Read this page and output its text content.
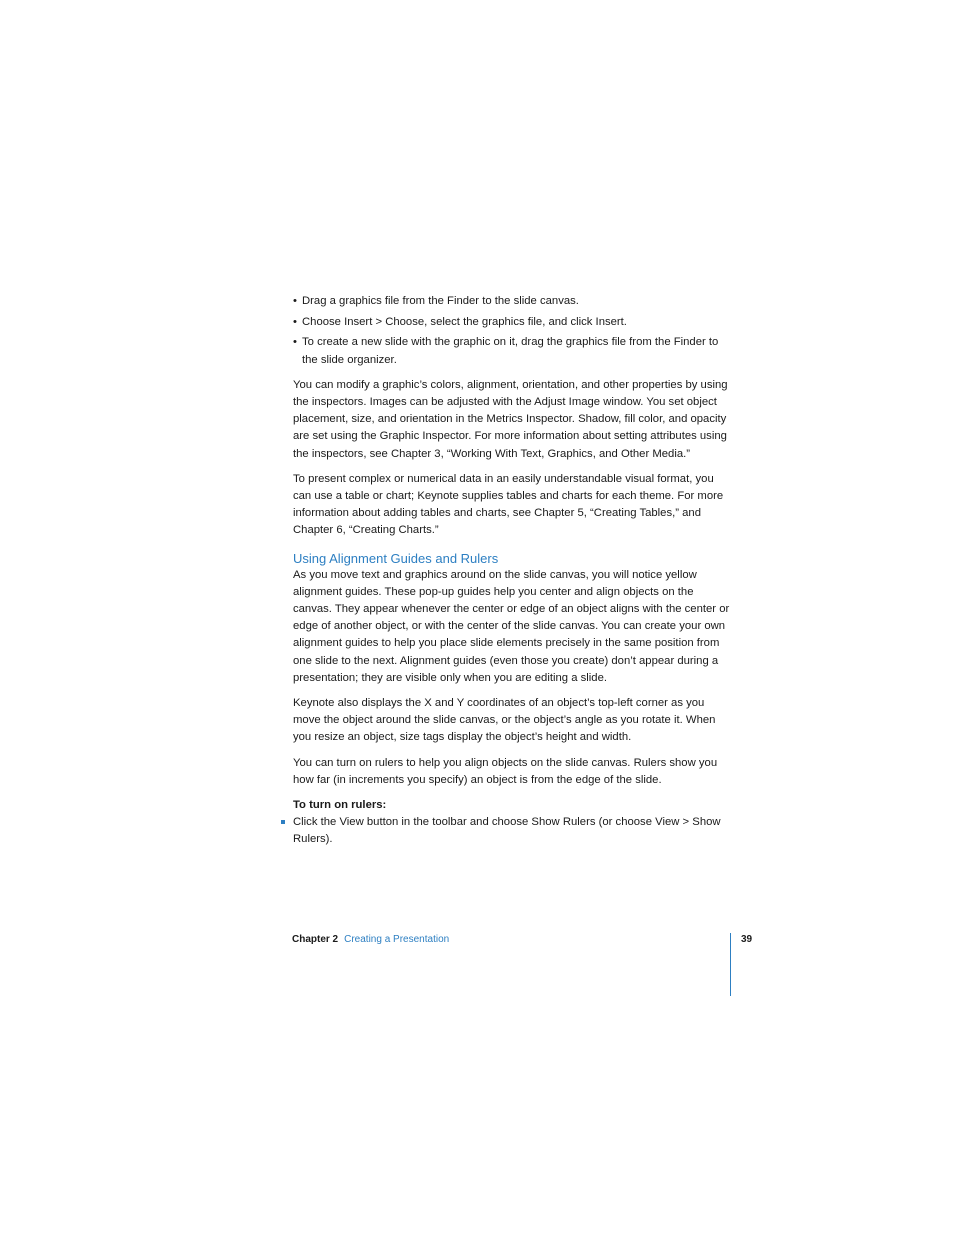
• Drag a graphics file from the Finder to the slide canvas.
• Choose Insert > Choose, select the graphics file, and click Insert.
• To create a new slide with the graphic on it, drag the graphics file from the Finder to the slide organizer.

You can modify a graphic’s colors, alignment, orientation, and other properties by using the inspectors. Images can be adjusted with the Adjust Image window. You set object placement, size, and orientation in the Metrics Inspector. Shadow, fill color, and opacity are set using the Graphic Inspector. For more information about setting attributes using the inspectors, see Chapter 3, “Working With Text, Graphics, and Other Media.”

To present complex or numerical data in an easily understandable visual format, you can use a table or chart; Keynote supplies tables and charts for each theme. For more information about adding tables and charts, see Chapter 5, “Creating Tables,” and Chapter 6, “Creating Charts.”

Using Alignment Guides and Rulers

As you move text and graphics around on the slide canvas, you will notice yellow alignment guides. These pop-up guides help you center and align objects on the canvas. They appear whenever the center or edge of an object aligns with the center or edge of another object, or with the center of the slide canvas. You can create your own alignment guides to help you place slide elements precisely in the same position from one slide to the next. Alignment guides (even those you create) don’t appear during a presentation; they are visible only when you are editing a slide.

Keynote also displays the X and Y coordinates of an object’s top-left corner as you move the object around the slide canvas, or the object’s angle as you rotate it. When you resize an object, size tags display the object’s height and width.

You can turn on rulers to help you align objects on the slide canvas. Rulers show you how far (in increments you specify) an object is from the edge of the slide.

To turn on rulers:
Click the View button in the toolbar and choose Show Rulers (or choose View > Show Rulers).
Chapter 2 Creating a Presentation	39
